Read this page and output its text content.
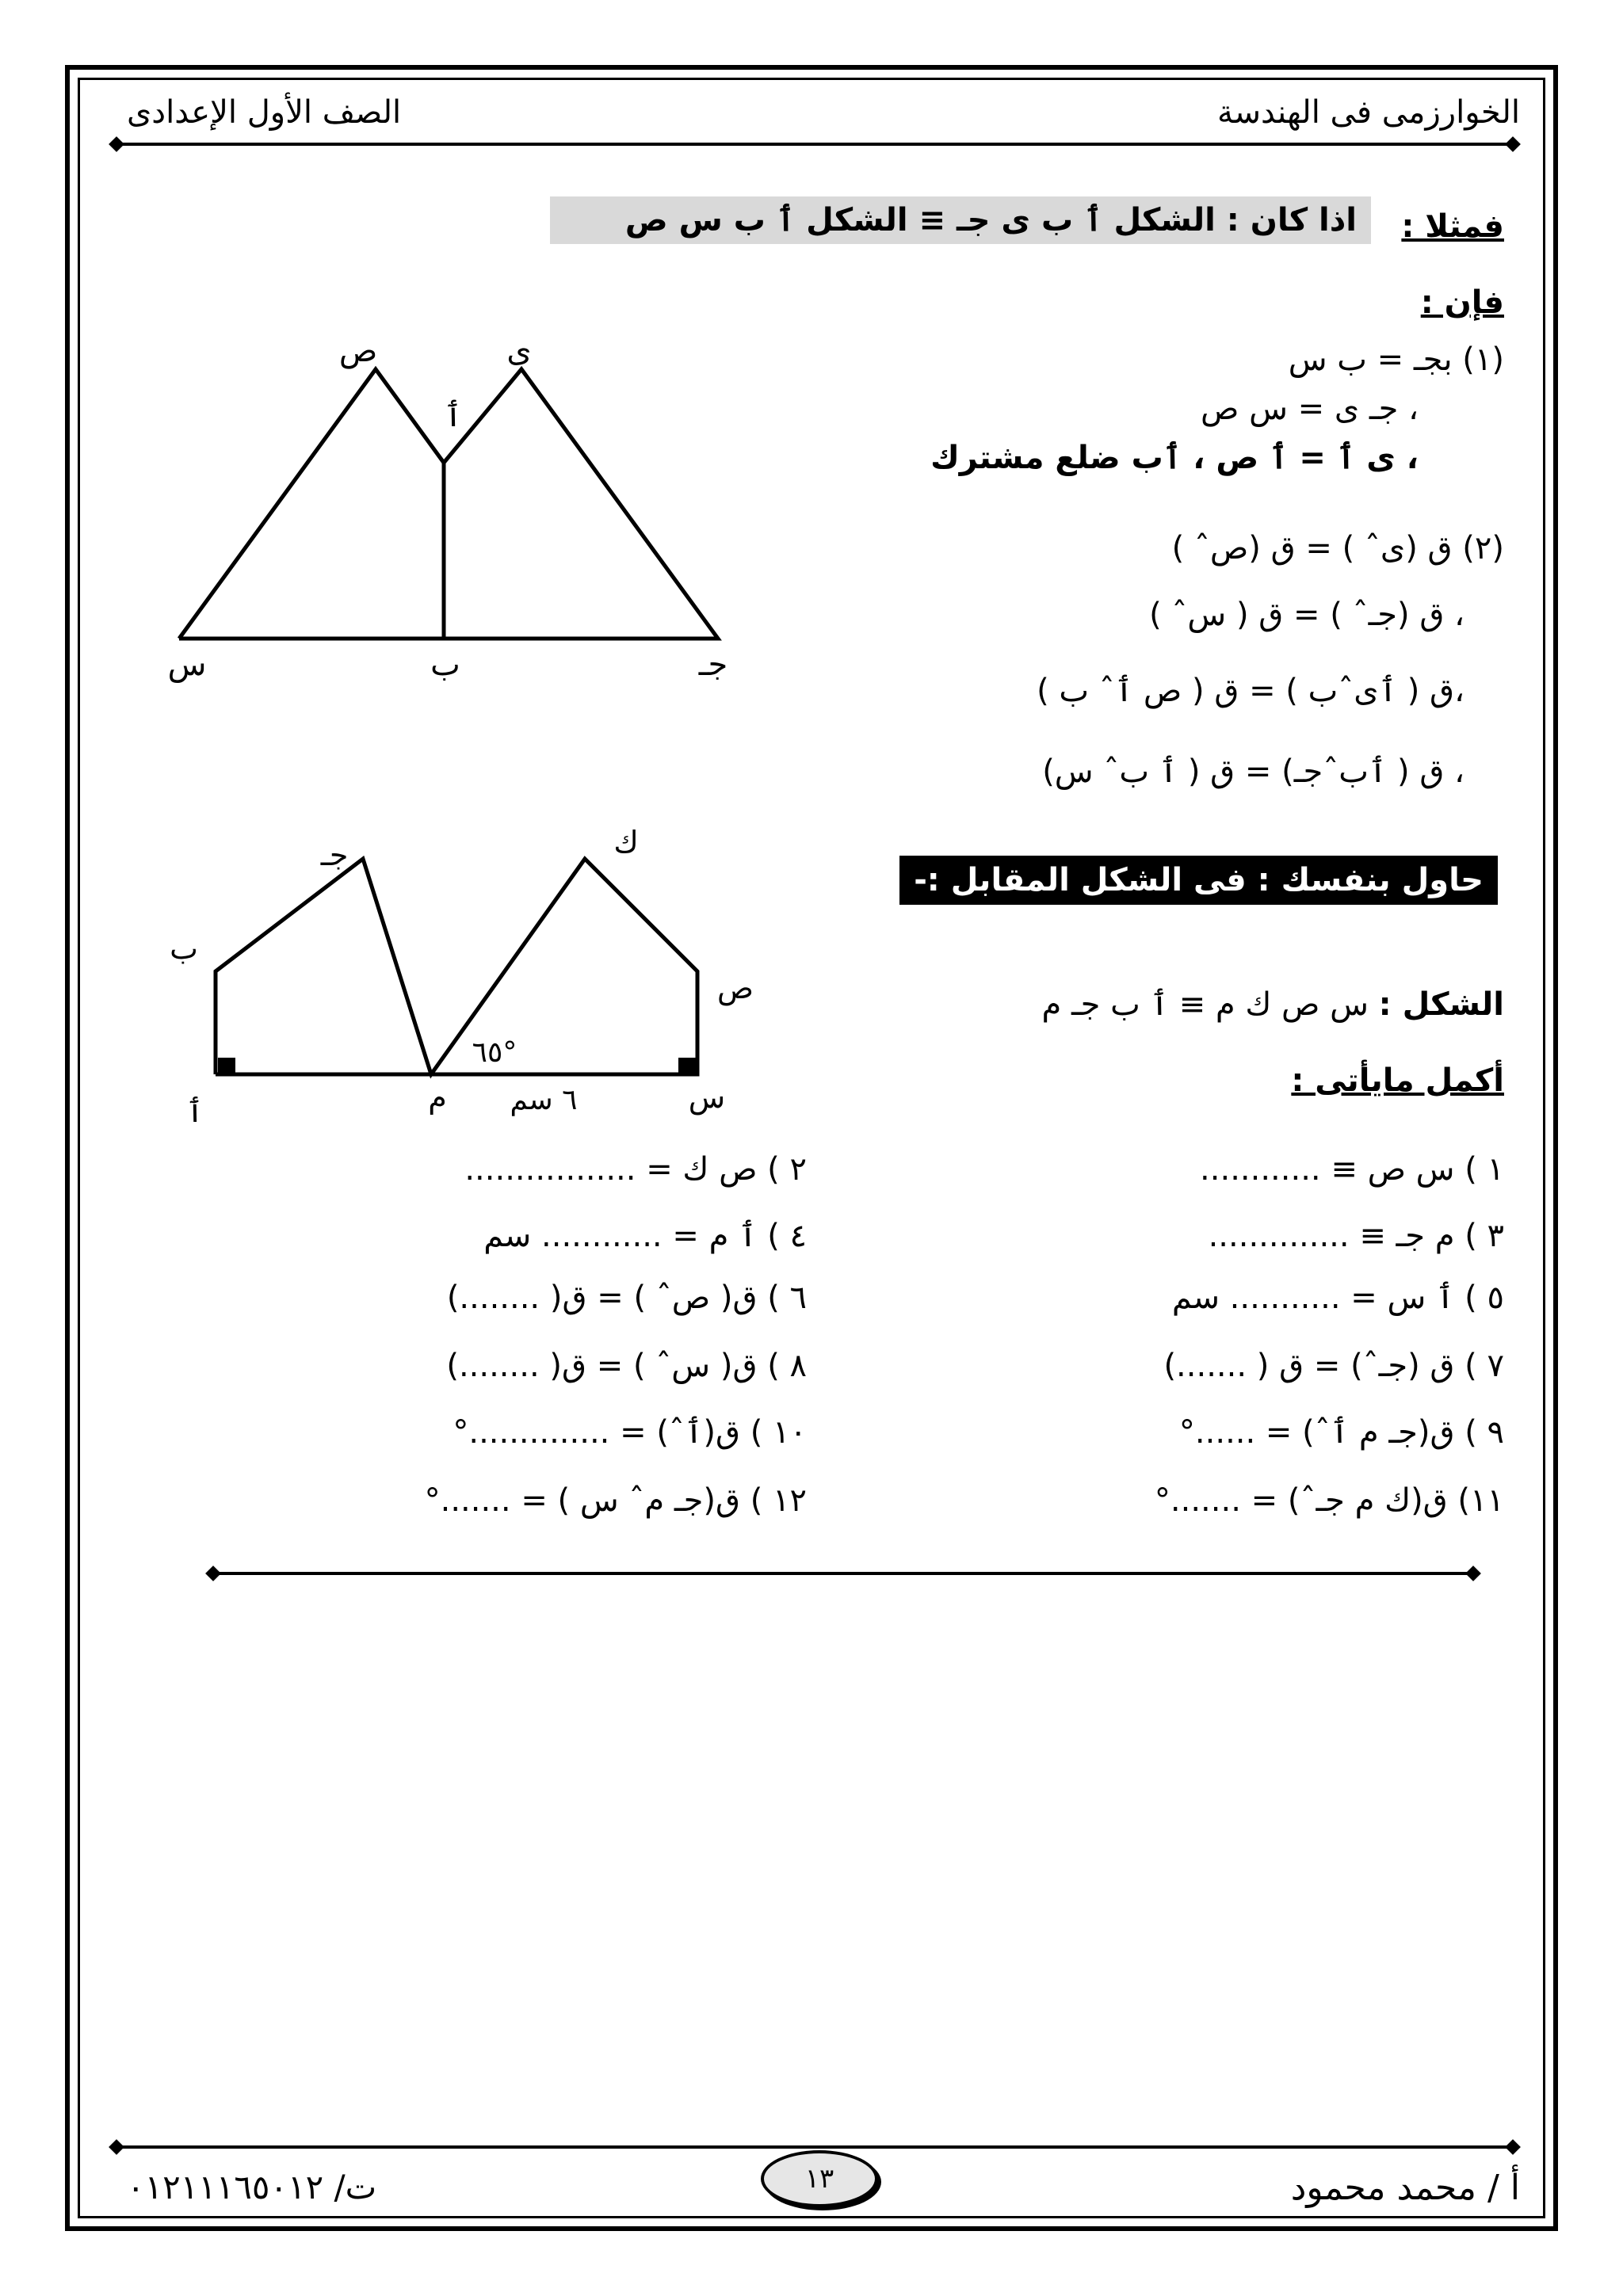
الخوارزمى فى الهندسة
الصف الأول الإعدادى
فمثلا :
اذا كان : الشكل ٲ ب ى جـ ≡ الشكل ٲ ب س ص
فإن :
(١) بجـ = ب س
، جـ ى = س ص
، ى ٲ = ٲ ص ، ٲب ضلع مشترك
(٢) ق (ىˆ ) = ق (صˆ )
، ق (جـˆ ) = ق ( سˆ )
،ق ( ٲىˆب ) = ق ( ص ٲˆ ب )
، ق ( ٲبˆجـ) = ق ( ٲ بˆ س)
ص	ى
ٲ
س	ب	جـ
حاول بنفسك : فى الشكل المقابل :-
الشكل : س ص ك م ≡ ٲ ب جـ م
أكمل مايأتى :
جـ	ك
ب
ص
ٲ	م	س
٦٥°
٦ سم
١ ) س ص ≡ ............
٣ ) م جـ ≡ ..............
٥ ) ٲ س = ........... سم
٧ ) ق (جـˆ) = ق ( .......)
٩ ) ق(جـ م ٲˆ) = ......°
١١) ق(ك م جـˆ) = .......°
٢ ) ص ك = .................
٤ ) ٲ م = ............ سم
٦ ) ق( صˆ ) = ق( ........)
٨ ) ق( سˆ ) = ق( ........)
١٠ ) ق(ٲˆ) = ..............°
١٢ ) ق(جـ مˆ س ) = .......°
أ / محمد محمود
ت/ ٠١٢١١١٦٥٠١٢	١٣
